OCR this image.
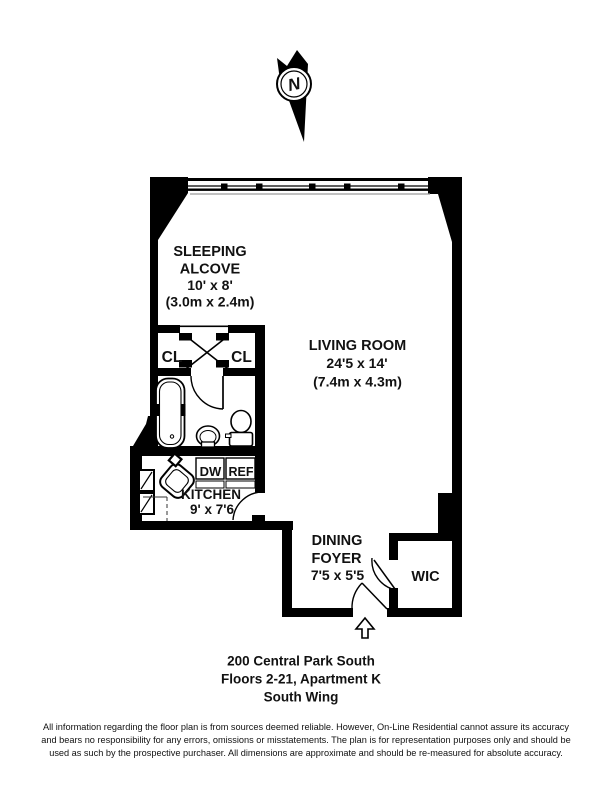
N
SLEEPING
ALCOVE
10' x 8'
(3.0m x 2.4m)
LIVING ROOM
24'5 x 14'
(7.4m x 4.3m)
CL	CL
DW REF
KITCHEN
9' x 7'6
DINING
FOYER
7'5 x 5'5	WIC
200 Central Park South
Floors 2-21, Apartment K
South Wing
All information regarding the floor plan is from sources deemed reliable. However, On-Line Residential cannot assure its accuracy
and bears no responsibility for any errors, omissions or misstatements. The plan is for representation purposes only and should be
used as such by the prospective purchaser. All dimensions are approximate and should be re-measured for absolute accuracy.
